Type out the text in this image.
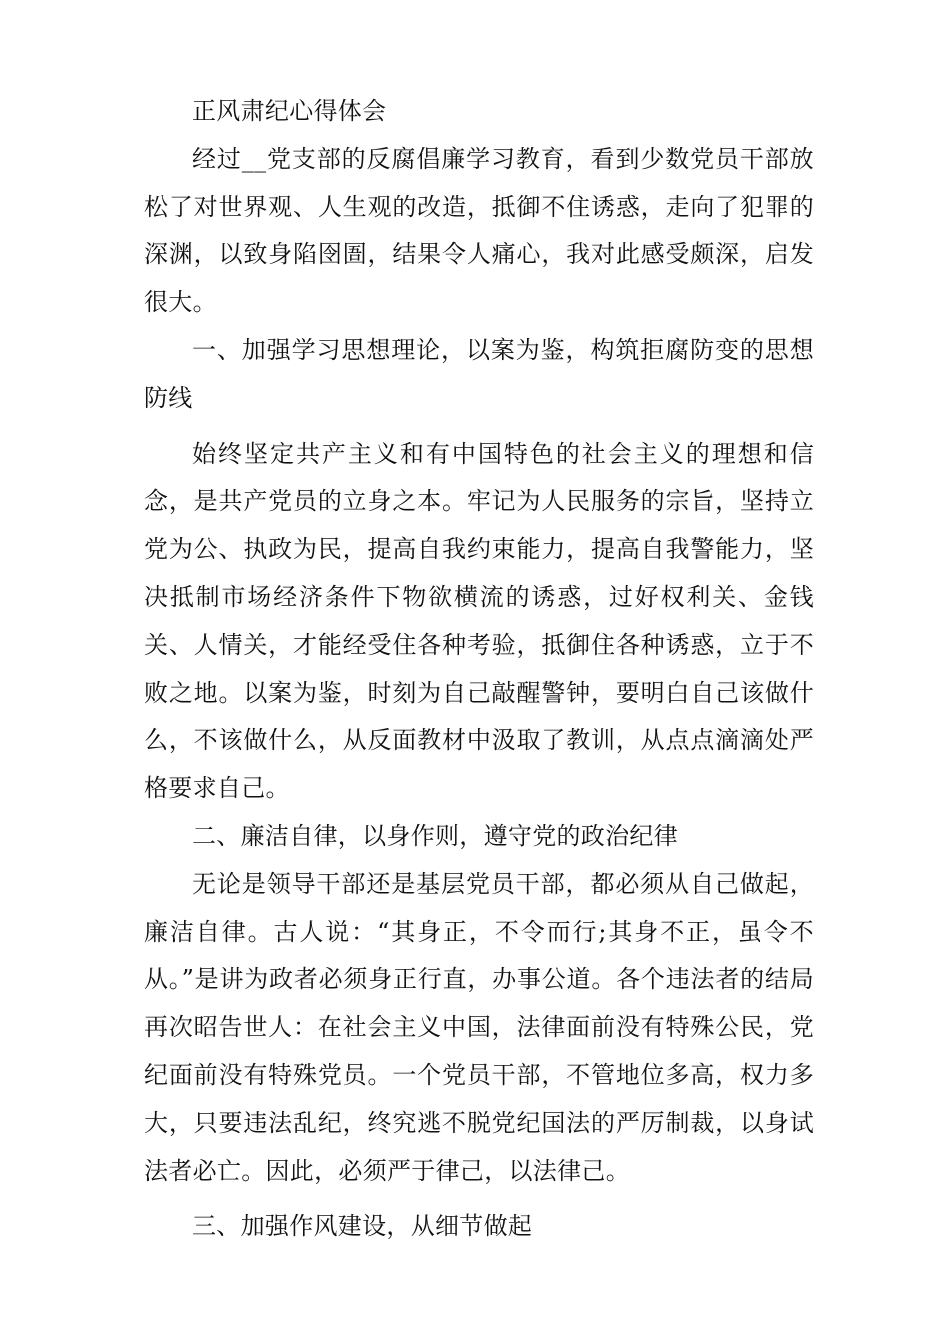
正风肃纪心得体会

经过__党支部的反腐倡廉学习教育，看到少数党员干部放松了对世界观、人生观的改造，抵御不住诱惑，走向了犯罪的深渊，以致身陷囹圄，结果令人痛心，我对此感受颇深，启发很大。

一、加强学习思想理论，以案为鉴，构筑拒腐防变的思想防线

始终坚定共产主义和有中国特色的社会主义的理想和信念，是共产党员的立身之本。牢记为人民服务的宗旨，坚持立党为公、执政为民，提高自我约束能力，提高自我警能力，坚决抵制市场经济条件下物欲横流的诱惑，过好权利关、金钱关、人情关，才能经受住各种考验，抵御住各种诱惑，立于不败之地。以案为鉴，时刻为自己敲醒警钟，要明白自己该做什么，不该做什么，从反面教材中汲取了教训，从点点滴滴处严格要求自己。

二、廉洁自律，以身作则，遵守党的政治纪律

无论是领导干部还是基层党员干部，都必须从自己做起，廉洁自律。古人说：“其身正，不令而行;其身不正，虽令不从。”是讲为政者必须身正行直，办事公道。各个违法者的结局再次昭告世人：在社会主义中国，法律面前没有特殊公民，党纪面前没有特殊党员。一个党员干部，不管地位多高，权力多大，只要违法乱纪，终究逃不脱党纪国法的严厉制裁，以身试法者必亡。因此，必须严于律己，以法律己。

三、加强作风建设，从细节做起
